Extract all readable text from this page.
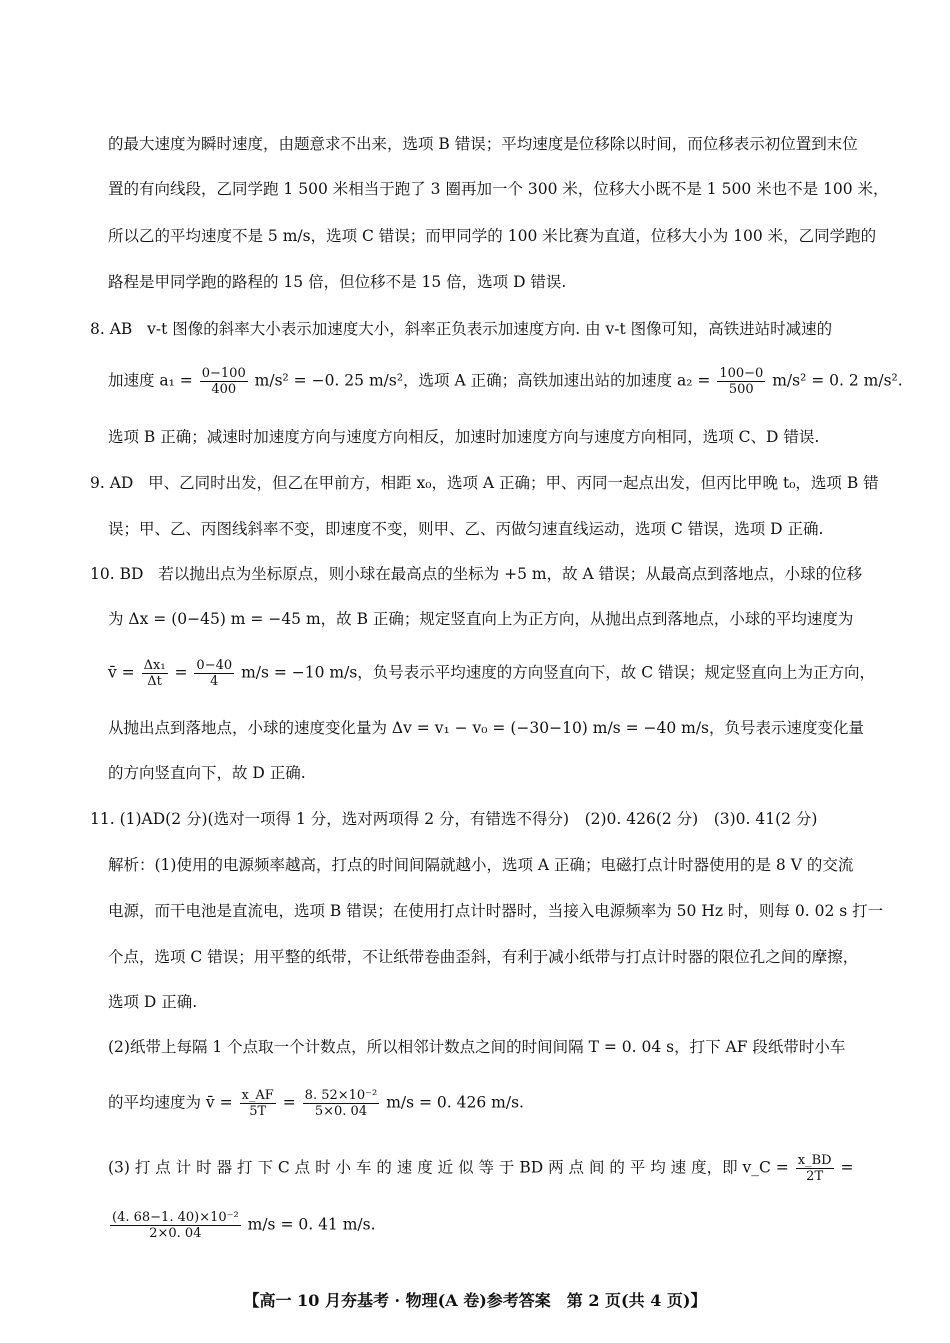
的最大速度为瞬时速度，由题意求不出来，选项 B 错误；平均速度是位移除以时间，而位移表示初位置到末位
置的有向线段，乙同学跑 1 500 米相当于跑了 3 圈再加一个 300 米，位移大小既不是 1 500 米也不是 100 米，
所以乙的平均速度不是 5 m/s，选项 C 错误；而甲同学的 100 米比赛为直道，位移大小为 100 米，乙同学跑的
路程是甲同学跑的路程的 15 倍，但位移不是 15 倍，选项 D 错误.
8. AB v-t 图像的斜率大小表示加速度大小，斜率正负表示加速度方向. 由 v-t 图像可知，高铁进站时减速的
加速度 $a_1 = \frac{0-100}{400} m/s^2 = -0$. 25 m/s²，选项 A 正确；高铁加速出站的加速度 $a_2 = \frac{100-0}{500} m/s^2 = 0$. 2 m/s².
选项 B 正确；减速时加速度方向与速度方向相反，加速时加速度方向与速度方向相同，选项 C、D 错误.
9. AD 甲、乙同时出发，但乙在甲前方，相距 x₀，选项 A 正确；甲、丙同一起点出发，但丙比甲晚 t₀，选项 B 错
误；甲、乙、丙图线斜率不变，即速度不变，则甲、乙、丙做匀速直线运动，选项 C 错误，选项 D 正确.
10. BD 若以抛出点为坐标原点，则小球在最高点的坐标为 +5 m，故 A 错误；从最高点到落地点，小球的位移
为 Δx = (0−45) m = −45 m，故 B 正确；规定竖直向上为正方向，从抛出点到落地点，小球的平均速度为
v̄ = $\frac{\text{Δx₁}}{\Delta t} = \frac{0-40}{4} m/s = -10$ m/s，负号表示平均速度的方向竖直向下，故 C 错误；规定竖直向上为正方向，
从抛出点到落地点，小球的速度变化量为 Δv = v₁ − v₀ = (−30−10) m/s = −40 m/s，负号表示速度变化量
的方向竖直向下，故 D 正确.
11. (1)AD(2 分)(选对一项得 1 分，选对两项得 2 分，有错选不得分)　(2)0. 426(2 分)　(3)0. 41(2 分)
解析：(1)使用的电源频率越高，打点的时间间隔就越小，选项 A 正确；电磁打点计时器使用的是 8 V 的交流
电源，而干电池是直流电，选项 B 错误；在使用打点计时器时，当接入电源频率为 50 Hz 时，则每 0. 02 s 打一
个点，选项 C 错误；用平整的纸带，不让纸带卷曲歪斜，有利于减小纸带与打点计时器的限位孔之间的摩擦，
选项 D 正确.
(2)纸带上每隔 1 个点取一个计数点，所以相邻计数点之间的时间间隔 T = 0. 04 s，打下 AF 段纸带时小车
的平均速度为 v̄ = $\frac{x\_AF}{5T} = \frac{\text{8. 52×10⁻²}}{5\times 0. 04} m/s = 0$. 426 m/s.
(3) 打 点 计 时 器 打 下 C 点 时 小 车 的 速 度 近 似 等 于 BD 两 点 间 的 平 均 速 度，即 v_C = $\frac{x\_BD}{2T}$ =
$\frac{\text{(4. 68−1. 40)×10⁻²}}{2\times 0. 04} m/s = 0$. 41 m/s.
【高一 10 月夯基考 · 物理(A 卷)参考答案　第 2 页(共 4 页)】
